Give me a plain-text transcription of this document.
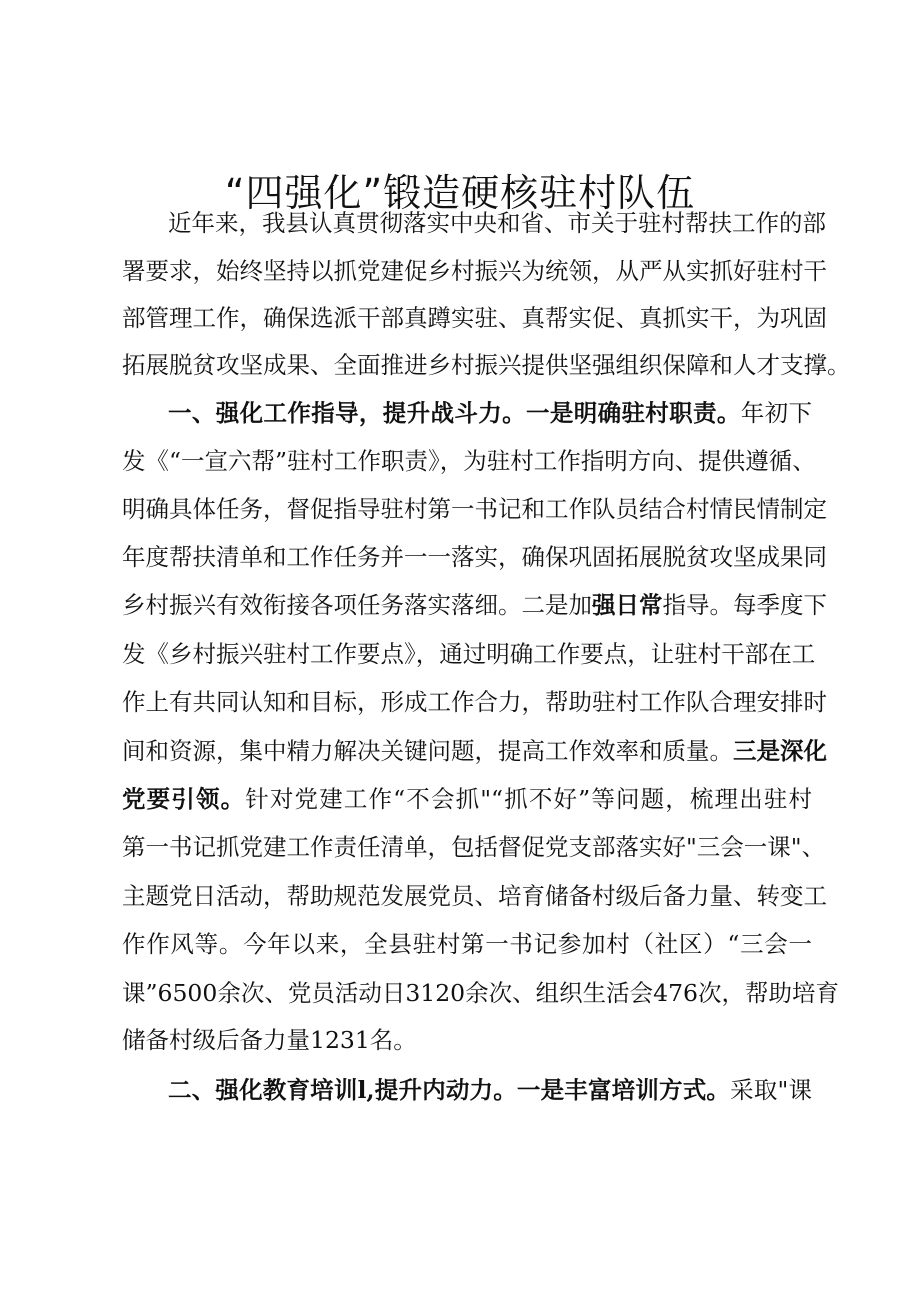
“四强化”锻造硬核驻村队伍
近年来，我县认真贯彻落实中央和省、市关于驻村帮扶工作的部
署要求，始终坚持以抓党建促乡村振兴为统领，从严从实抓好驻村干
部管理工作，确保选派干部真蹲实驻、真帮实促、真抓实干，为巩固
拓展脱贫攻坚成果、全面推进乡村振兴提供坚强组织保障和人才支撑。
一、强化工作指导，提升战斗力。一是明确驻村职责。年初下
发《“一宣六帮”驻村工作职责》，为驻村工作指明方向、提供遵循、
明确具体任务，督促指导驻村第一书记和工作队员结合村情民情制定
年度帮扶清单和工作任务并一一落实，确保巩固拓展脱贫攻坚成果同
乡村振兴有效衔接各项任务落实落细。二是加强日常指导。每季度下
发《乡村振兴驻村工作要点》，通过明确工作要点，让驻村干部在工
作上有共同认知和目标，形成工作合力，帮助驻村工作队合理安排时
间和资源，集中精力解决关键问题，提高工作效率和质量。三是深化
党要引领。针对党建工作“不会抓"“抓不好”等问题，梳理出驻村
第一书记抓党建工作责任清单，包括督促党支部落实好"三会一课"、
主题党日活动，帮助规范发展党员、培育储备村级后备力量、转变工
作作风等。今年以来，全县驻村第一书记参加村（社区）“三会一
课”6500余次、党员活动日3120余次、组织生活会476次，帮助培育
储备村级后备力量1231名。
二、强化教育培训l,提升内动力。一是丰富培训方式。采取"课
